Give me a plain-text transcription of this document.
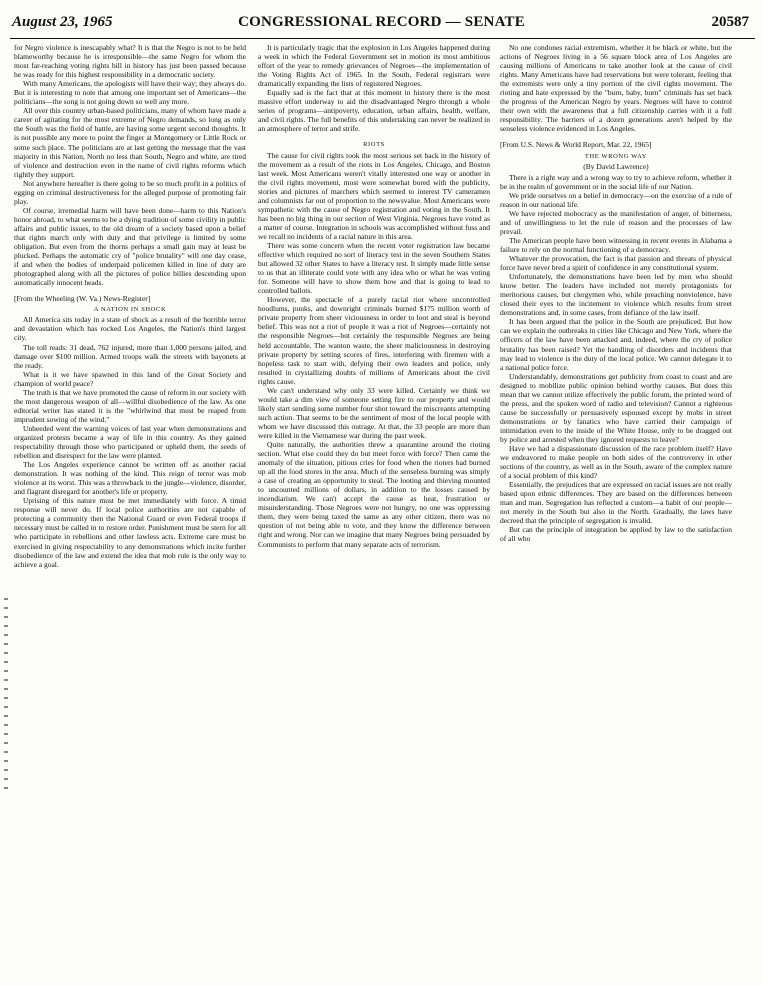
CONGRESSIONAL RECORD — SENATE
August 23, 1965	20587

for Negro violence is inescapably what? It is that the Negro is not to be held blameworthy because he is irresponsible—the same Negro for whom the most far-reaching voting rights bill in history has just been passed because he was ready for this highest responsibility in a democratic society.

With many Americans, the apologists will have their way; they always do. But it is interesting to note that among one important set of Americans—the politicians—the song is not going down so well any more.

All over this country urban-based politicians, many of whom have made a career of agitating for the most extreme of Negro demands, so long as only the South was the field of battle, are having some urgent second thoughts. It is not possible any more to point the finger at Montgomery or Little Rock or some such place. The politicians are at last getting the message that the vast majority in this Nation, North no less than South, Negro and white, are tired of violence and destruction even in the name of civil rights reforms which rightly they support.

Not anywhere hereafter is there going to be so much profit in a politics of egging on criminal destructiveness for the alleged purpose of promoting fair play.

Of course, irremedial harm will have been done—harm to this Nation's honor abroad, to what seems to be a dying tradition of some civility in public affairs and public issues, to the old dream of a society based upon a belief that rights march only with duty and that privilege is limited by some obligation. But even from the thorns perhaps a small gain may at least be plucked. Perhaps the automatic cry of "police brutality" will one day cease, if and when the bodies of underpaid policemen killed in line of duty are photographed along with all the pictures of police billies descending upon automatically innocent heads.

[From the Wheeling (W. Va.) News-Register]

A NATION IN SHOCK

All America sits today in a state of shock as a result of the horrible terror and devastation which has rocked Los Angeles, the Nation's third largest city.

The toll reads: 31 dead, 762 injured, more than 1,000 persons jailed, and damage over $100 million. Armed troops walk the streets with bayonets at the ready.

What is it we have spawned in this land of the Great Society and champion of world peace?

The truth is that we have promoted the cause of reform in our society with the most dangerous weapon of all—willful disobedience of the law. As one editorial writer has stated it is the "whirlwind that must be reaped from imprudent sowing of the wind."

Unheeded went the warning voices of last year when demonstrations and organized protests became a way of life in this country. As they gained respectability through those who participated or upheld them, the seeds of rebellion and disrespect for the law were planted.

The Los Angeles experience cannot be written off as another racial demonstration. It was nothing of the kind. This reign of terror was mob violence at its worst. This was a throwback to the jungle—violence, disorder, and flagrant disregard for another's life or property.

Uprising of this nature must be met immediately with force. A timid response will never do. If local police authorities are not capable of protecting a community then the National Guard or even Federal troops if necessary must be called in to restore order. Punishment must be stern for all who participate in rebellions and other lawless acts. Extreme care must be exercised in giving respectability to any demonstrations which incite further disobedience of the law and extend the idea that mob rule is the only way to achieve a goal.

It is particularly tragic that the explosion in Los Angeles happened during a week in which the Federal Government set in motion its most ambitious effort of the year to remedy grievances of Negroes—the implementation of the Voting Rights Act of 1965. In the South, Federal registrars were dramatically expanding the lists of registered Negroes.

Equally sad is the fact that at this moment in history there is the most massive effort underway to aid the disadvantaged Negro through a whole series of programs—antipoverty, education, urban affairs, health, welfare, and civil rights. The full benefits of this undertaking can never be realized in an atmosphere of terror and strife.

RIOTS

The cause for civil rights took the most serious set back in the history of the movement as a result of the riots in Los Angeles, Chicago, and Boston last week. Most Americans weren't vitally interested one way or another in the civil rights movement, most were somewhat bored with the publicity, stories and pictures of marchers which seemed to interest TV cameramen and columnists far out of proportion to the newsvalue. Most Americans were sympathetic with the cause of Negro registration and voting in the South. It has been no big thing in our section of West Virginia. Negroes have voted as a matter of course. Integration in schools was accomplished without fuss and we recall no incidents of a racial nature in this area.

There was some concern when the recent voter registration law became effective which required no sort of literacy test in the seven Southern States but allowed 32 other States to have a literacy test. It simply made little sense to us that an illiterate could vote with any idea who or what he was voting for. Someone will have to show them how and that is going to lead to controlled ballots.

However, the spectacle of a purely racial riot where uncontrolled hoodlums, punks, and downright criminals burned $175 million worth of private property from sheer viciousness in order to loot and steal is beyond belief. This was not a riot of people it was a riot of Negroes—certainly not the responsible Negroes—but certainly the responsible Negroes are being held accountable. The wanton waste, the sheer maliciousness in destroying private property by setting scores of fires, interfering with firemen with a hopeless task to start with, defying their own leaders and police, only resulted in crystallizing doubts of millions of Americans about the civil rights cause.

We can't understand why only 33 were killed. Certainly we think we would take a dim view of someone setting fire to our property and would likely start sending some number four shot toward the miscreants attempting such action. That seems to be the sentiment of most of the local people with whom we have discussed this outrage. At that, the 33 people are more than were killed in the Vietnamese war during the past week.

Quite naturally, the authorities threw a quarantine around the rioting section. What else could they do but meet force with force? Then came the anomaly of the situation, pitious cries for food when the rioters had burned up all the food stores in the area. Much of the senseless burning was simply a case of creating an opportunity to steal. The looting and thieving mounted to uncounted millions of dollars, in addition to the losses caused by incendiarism. We can't accept the cause as heat, frustration or misunderstanding. Those Negroes were not hungry, no one was oppressing them, they were being taxed the same as any other citizen, there was no question of not being able to vote, and they know the difference between right and wrong. Nor can we imagine that many Negroes being persuaded by Communists to perform that many separate acts of terrorism.

No one condones racial extremism, whether it be black or white, but the actions of Negroes living in a 56 square block area of Los Angeles are causing millions of Americans to take another look at the cause of civil rights. Many Americans have had reservations but were tolerant, feeling that the extremists were only a tiny portion of the civil rights movement. The rioting and hate expressed by the "burn, baby, burn" criminals has set back the progress of the American Negro by years. Negroes will have to control their own with the awareness that a full citizenship carries with it a full responsibility. The barriers of a dozen generations aren't helped by the senseless violence evidenced in Los Angeles.

[From U.S. News & World Report, Mar. 22, 1965]

THE WRONG WAY
(By David Lawrence)

There is a right way and a wrong way to try to achieve reform, whether it be in the realm of government or in the social life of our Nation.

We pride ourselves on a belief in democracy—on the exercise of a rule of reason in our national life.

We have rejected mobocracy as the manifestation of anger, of bitterness, and of unwillingness to let the rule of reason and the processes of law prevail.

The American people have been witnessing in recent events in Alabama a failure to rely on the normal functioning of a democracy.

Whatever the provocation, the fact is that passion and threats of physical force have never bred a spirit of confidence in any constitutional system.

Unfortunately, the demonstrations have been led by men who should know better. The leaders have included not merely protagonists for meritorious causes, but clergymen who, while preaching nonviolence, have closed their eyes to the incitement to violence which results from street demonstrations and, in some cases, from defiance of the law itself.

It has been argued that the police in the South are prejudiced. But how can we explain the outbreaks in cities like Chicago and New York, where the officers of the law have been attacked and, indeed, where the cry of police brutality has been raised? Yet the handling of disorders and incidents that may lead to violence is the duty of the local police. We cannot delegate it to a national police force.

Understandably, demonstrations get publicity from coast to coast and are designed to mobilize public opinion behind worthy causes. But does this mean that we cannot utilize effectively the public forum, the printed word of the press, and the spoken word of radio and television? Cannot a righteous cause be successfully or persuasively espoused except by mobs in street demonstrations or by fanatics who have carried their campaign of intimidation even to the inside of the White House, only to be dragged out by police and arrested when they ignored requests to leave?

Have we had a dispassionate discussion of the race problem itself? Have we endeavored to make people on both sides of the controversy in other sections of the country, as well as in the South, aware of the complex nature of a social problem of this kind?

Essentially, the prejudices that are expressed on racial issues are not really based upon ethnic differences. They are based on the differences between man and man. Segregation has reflected a custom—a habit of our people—not merely in the South but also in the North. Gradually, the laws have decreed that the principle of segregation is invalid.

But can the principle of integration be applied by law to the satisfaction of all who
